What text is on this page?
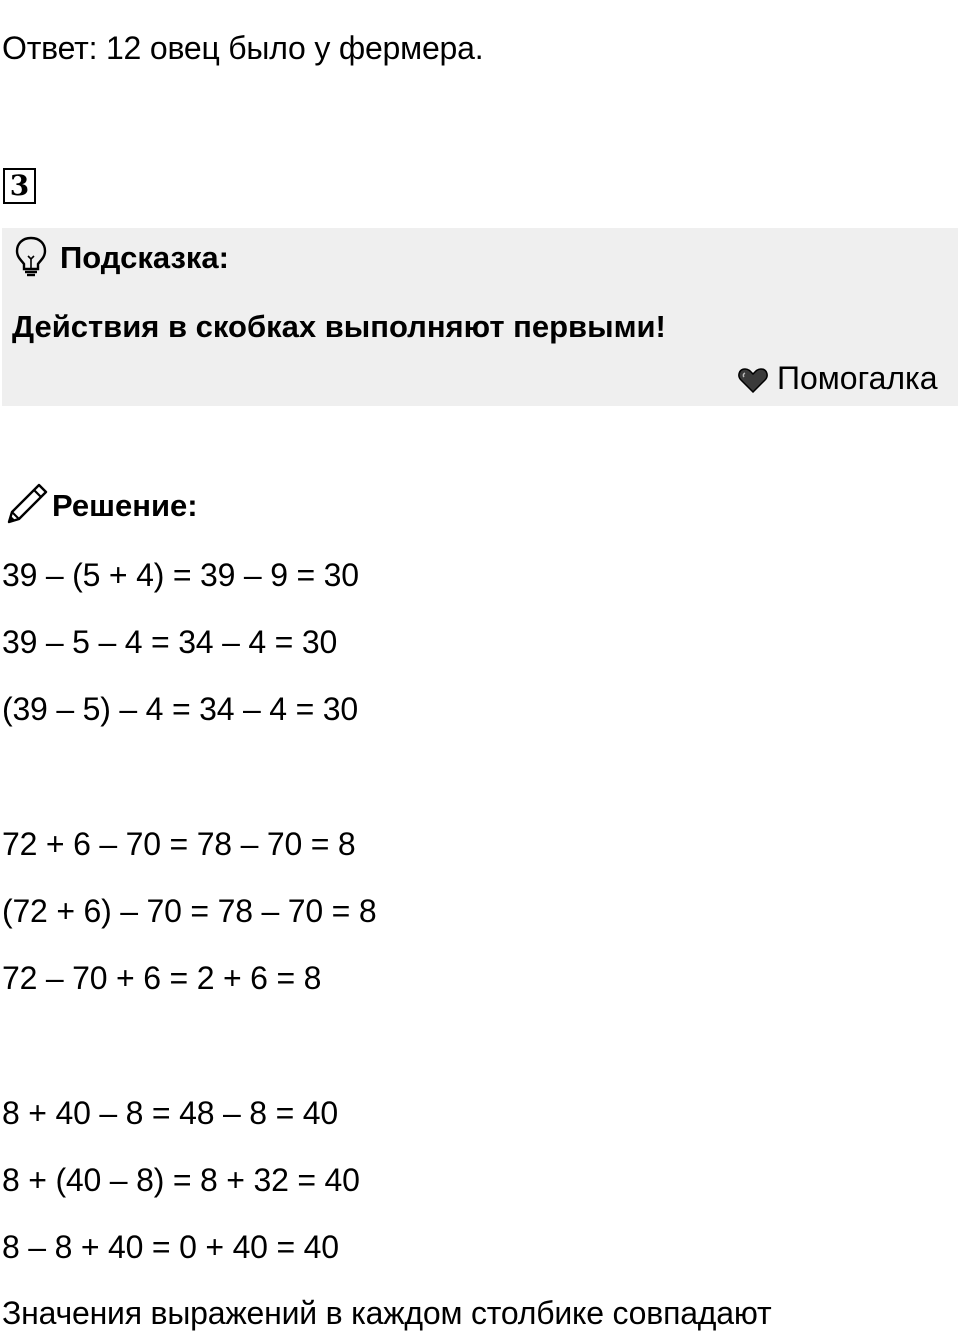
Ответ: 12 овец было у фермера.
3
Подсказка:
Действия в скобках выполняют первыми!
Помогалка
Решение:
39 – (5 + 4) = 39 – 9 = 30
39 – 5 – 4 = 34 – 4 = 30
(39 – 5) – 4 = 34 – 4 = 30
72 + 6 – 70 = 78 – 70 = 8
(72 + 6) – 70 = 78 – 70 = 8
72 – 70 + 6 = 2 + 6 = 8
8 + 40 – 8 = 48 – 8 = 40
8 + (40 – 8) = 8 + 32 = 40
8 – 8 + 40 = 0 + 40 = 40
Значения выражений в каждом столбике совпадают
